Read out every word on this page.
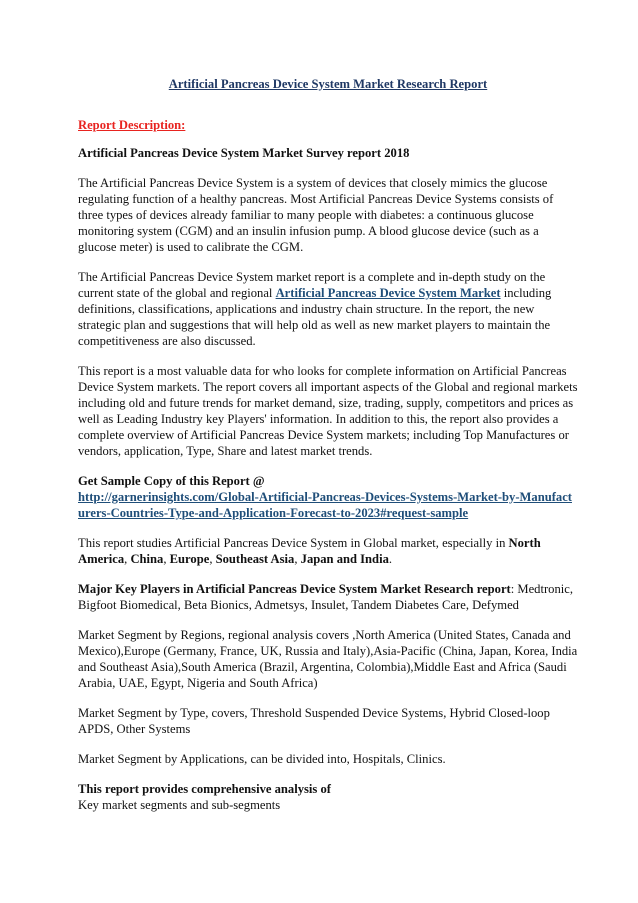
Artificial Pancreas Device System Market Research Report
Report Description:

Artificial Pancreas Device System Market Survey report 2018

The Artificial Pancreas Device System is a system of devices that closely mimics the glucose regulating function of a healthy pancreas. Most Artificial Pancreas Device Systems consists of three types of devices already familiar to many people with diabetes: a continuous glucose monitoring system (CGM) and an insulin infusion pump. A blood glucose device (such as a glucose meter) is used to calibrate the CGM.

The Artificial Pancreas Device System market report is a complete and in-depth study on the current state of the global and regional Artificial Pancreas Device System Market including definitions, classifications, applications and industry chain structure. In the report, the new strategic plan and suggestions that will help old as well as new market players to maintain the competitiveness are also discussed.

This report is a most valuable data for who looks for complete information on Artificial Pancreas Device System markets. The report covers all important aspects of the Global and regional markets including old and future trends for market demand, size, trading, supply, competitors and prices as well as Leading Industry key Players' information. In addition to this, the report also provides a complete overview of Artificial Pancreas Device System markets; including Top Manufactures or vendors, application, Type, Share and latest market trends.

Get Sample Copy of this Report @
http://garnerinsights.com/Global-Artificial-Pancreas-Devices-Systems-Market-by-Manufacturers-Countries-Type-and-Application-Forecast-to-2023#request-sample

This report studies Artificial Pancreas Device System in Global market, especially in North America, China, Europe, Southeast Asia, Japan and India.

Major Key Players in Artificial Pancreas Device System Market Research report: Medtronic, Bigfoot Biomedical, Beta Bionics, Admetsys, Insulet, Tandem Diabetes Care, Defymed

Market Segment by Regions, regional analysis covers ,North America (United States, Canada and Mexico),Europe (Germany, France, UK, Russia and Italy),Asia-Pacific (China, Japan, Korea, India and Southeast Asia),South America (Brazil, Argentina, Colombia),Middle East and Africa (Saudi Arabia, UAE, Egypt, Nigeria and South Africa)

Market Segment by Type, covers, Threshold Suspended Device Systems, Hybrid Closed-loop APDS, Other Systems

Market Segment by Applications, can be divided into, Hospitals, Clinics.

This report provides comprehensive analysis of
Key market segments and sub-segments
